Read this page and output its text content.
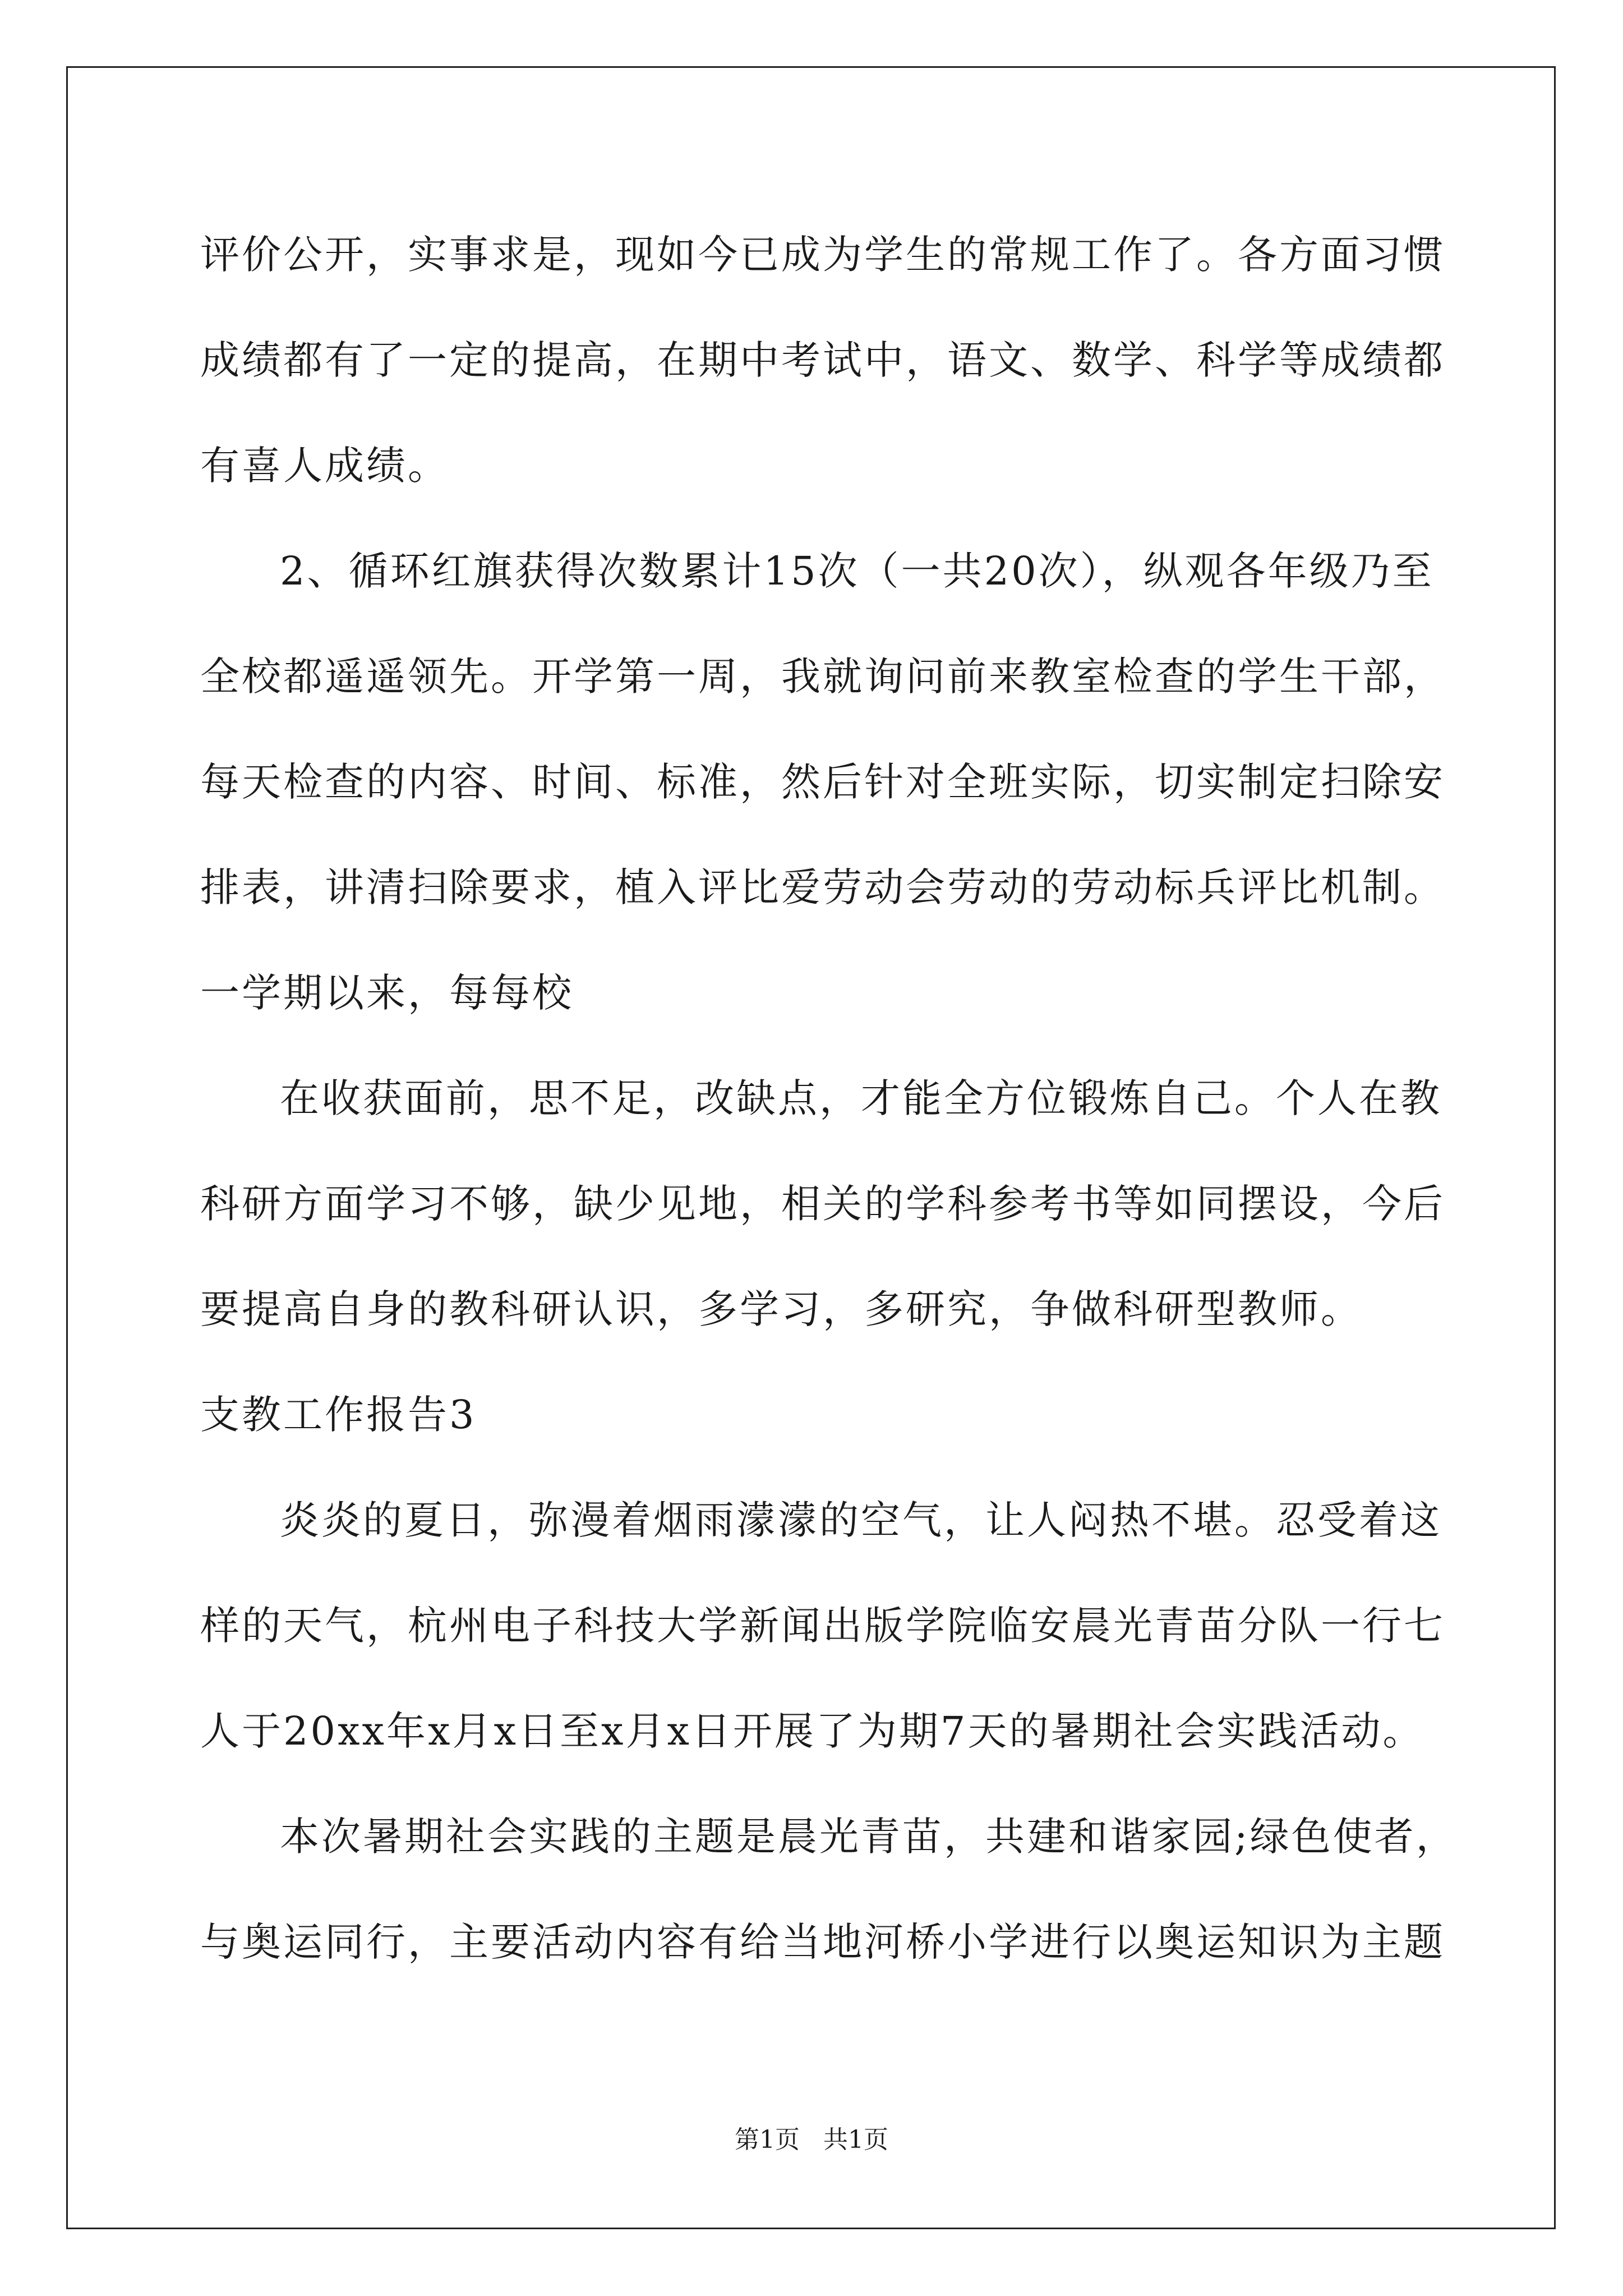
评价公开，实事求是，现如今已成为学生的常规工作了。各方面习惯
成绩都有了一定的提高，在期中考试中，语文、数学、科学等成绩都
有喜人成绩。
2、循环红旗获得次数累计15次（一共20次），纵观各年级乃至
全校都遥遥领先。开学第一周，我就询问前来教室检查的学生干部，
每天检查的内容、时间、标准，然后针对全班实际，切实制定扫除安
排表，讲清扫除要求，植入评比爱劳动会劳动的劳动标兵评比机制。
一学期以来，每每校
在收获面前，思不足，改缺点，才能全方位锻炼自己。个人在教
科研方面学习不够，缺少见地，相关的学科参考书等如同摆设，今后
要提高自身的教科研认识，多学习，多研究，争做科研型教师。
支教工作报告3
炎炎的夏日，弥漫着烟雨濛濛的空气，让人闷热不堪。忍受着这
样的天气，杭州电子科技大学新闻出版学院临安晨光青苗分队一行七
人于20xx年x月x日至x月x日开展了为期7天的暑期社会实践活动。
本次暑期社会实践的主题是晨光青苗，共建和谐家园;绿色使者，
与奥运同行，主要活动内容有给当地河桥小学进行以奥运知识为主题
第1页 共1页
